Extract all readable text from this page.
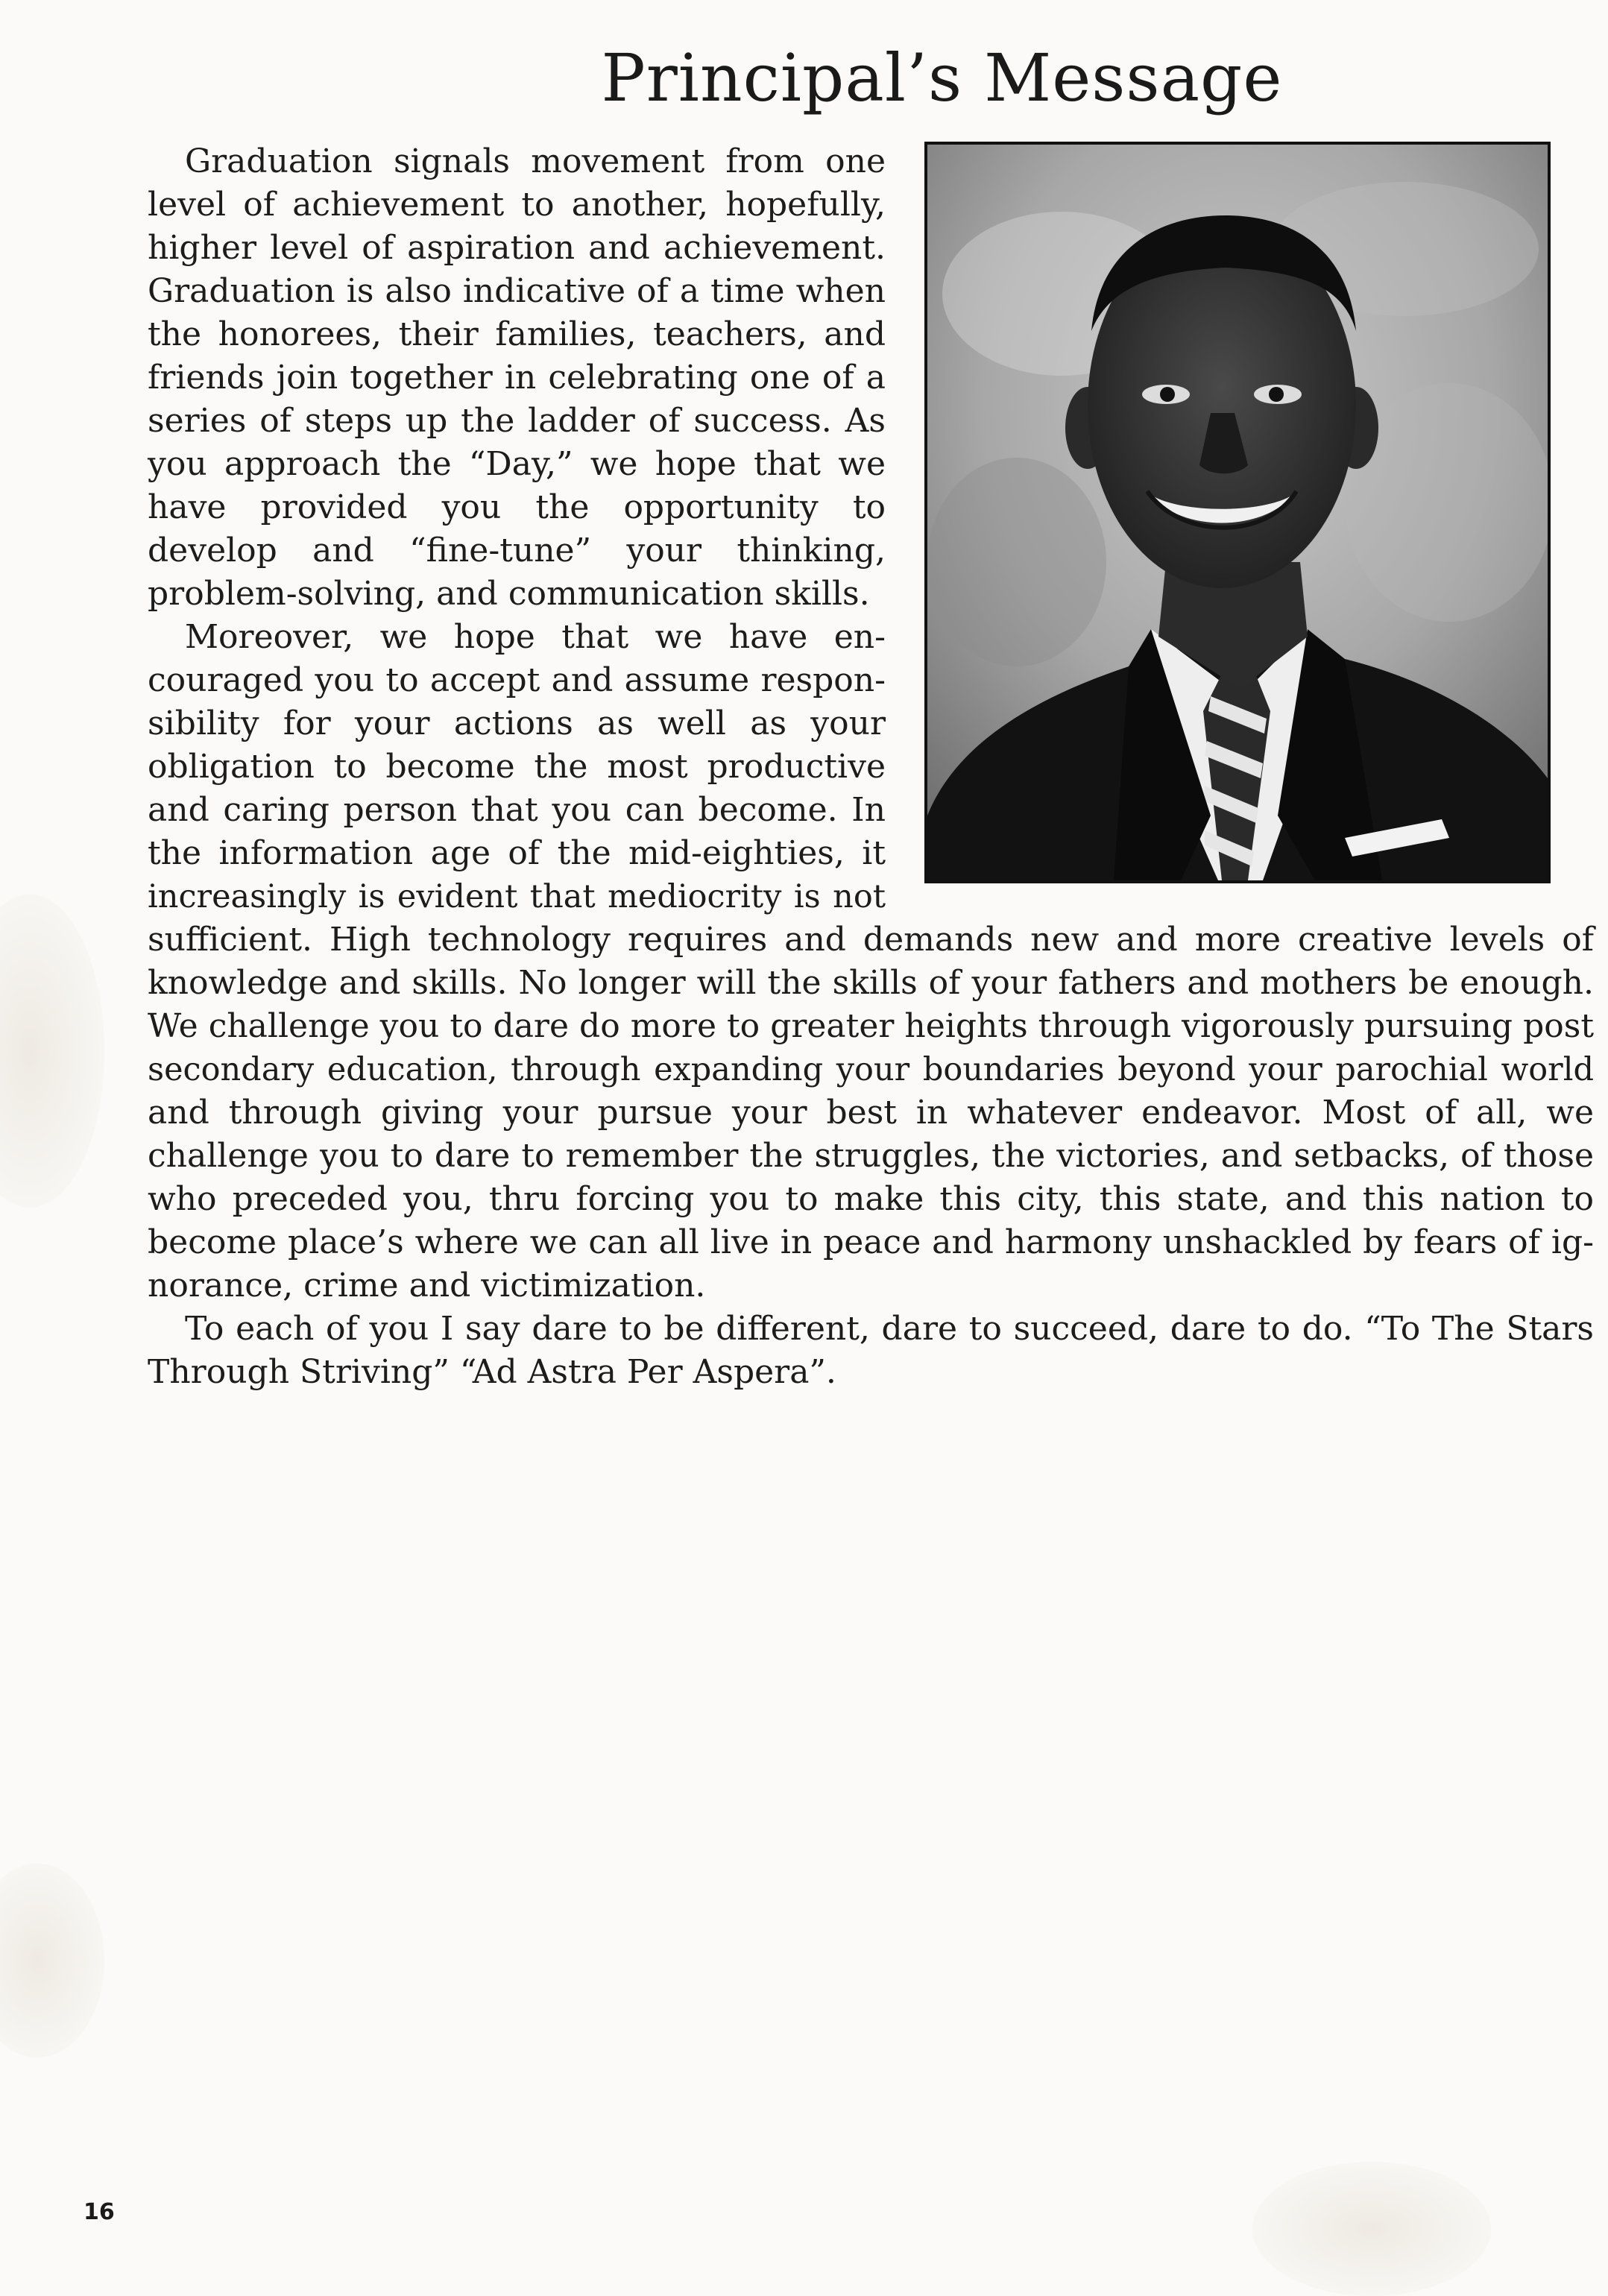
Principal’s Message
Graduation signals movement from one
level of achievement to another, hopefully,
higher level of aspiration and achievement.
Graduation is also indicative of a time when
the honorees, their families, teachers, and
friends join together in celebrating one of a
series of steps up the ladder of success. As
you approach the “Day,” we hope that we
have provided you the opportunity to
develop and “fine-tune” your thinking,
problem-solving, and communication skills.
Moreover, we hope that we have en-
couraged you to accept and assume respon-
sibility for your actions as well as your
obligation to become the most productive
and caring person that you can become. In
the information age of the mid-eighties, it
increasingly is evident that mediocrity is not
sufficient. High technology requires and demands new and more creative levels of
knowledge and skills. No longer will the skills of your fathers and mothers be enough.
We challenge you to dare do more to greater heights through vigorously pursuing post
secondary education, through expanding your boundaries beyond your parochial world
and through giving your pursue your best in whatever endeavor. Most of all, we
challenge you to dare to remember the struggles, the victories, and setbacks, of those
who preceded you, thru forcing you to make this city, this state, and this nation to
become place’s where we can all live in peace and harmony unshackled by fears of ig-
norance, crime and victimization.
To each of you I say dare to be different, dare to succeed, dare to do. “To The Stars
Through Striving” “Ad Astra Per Aspera”.
16
